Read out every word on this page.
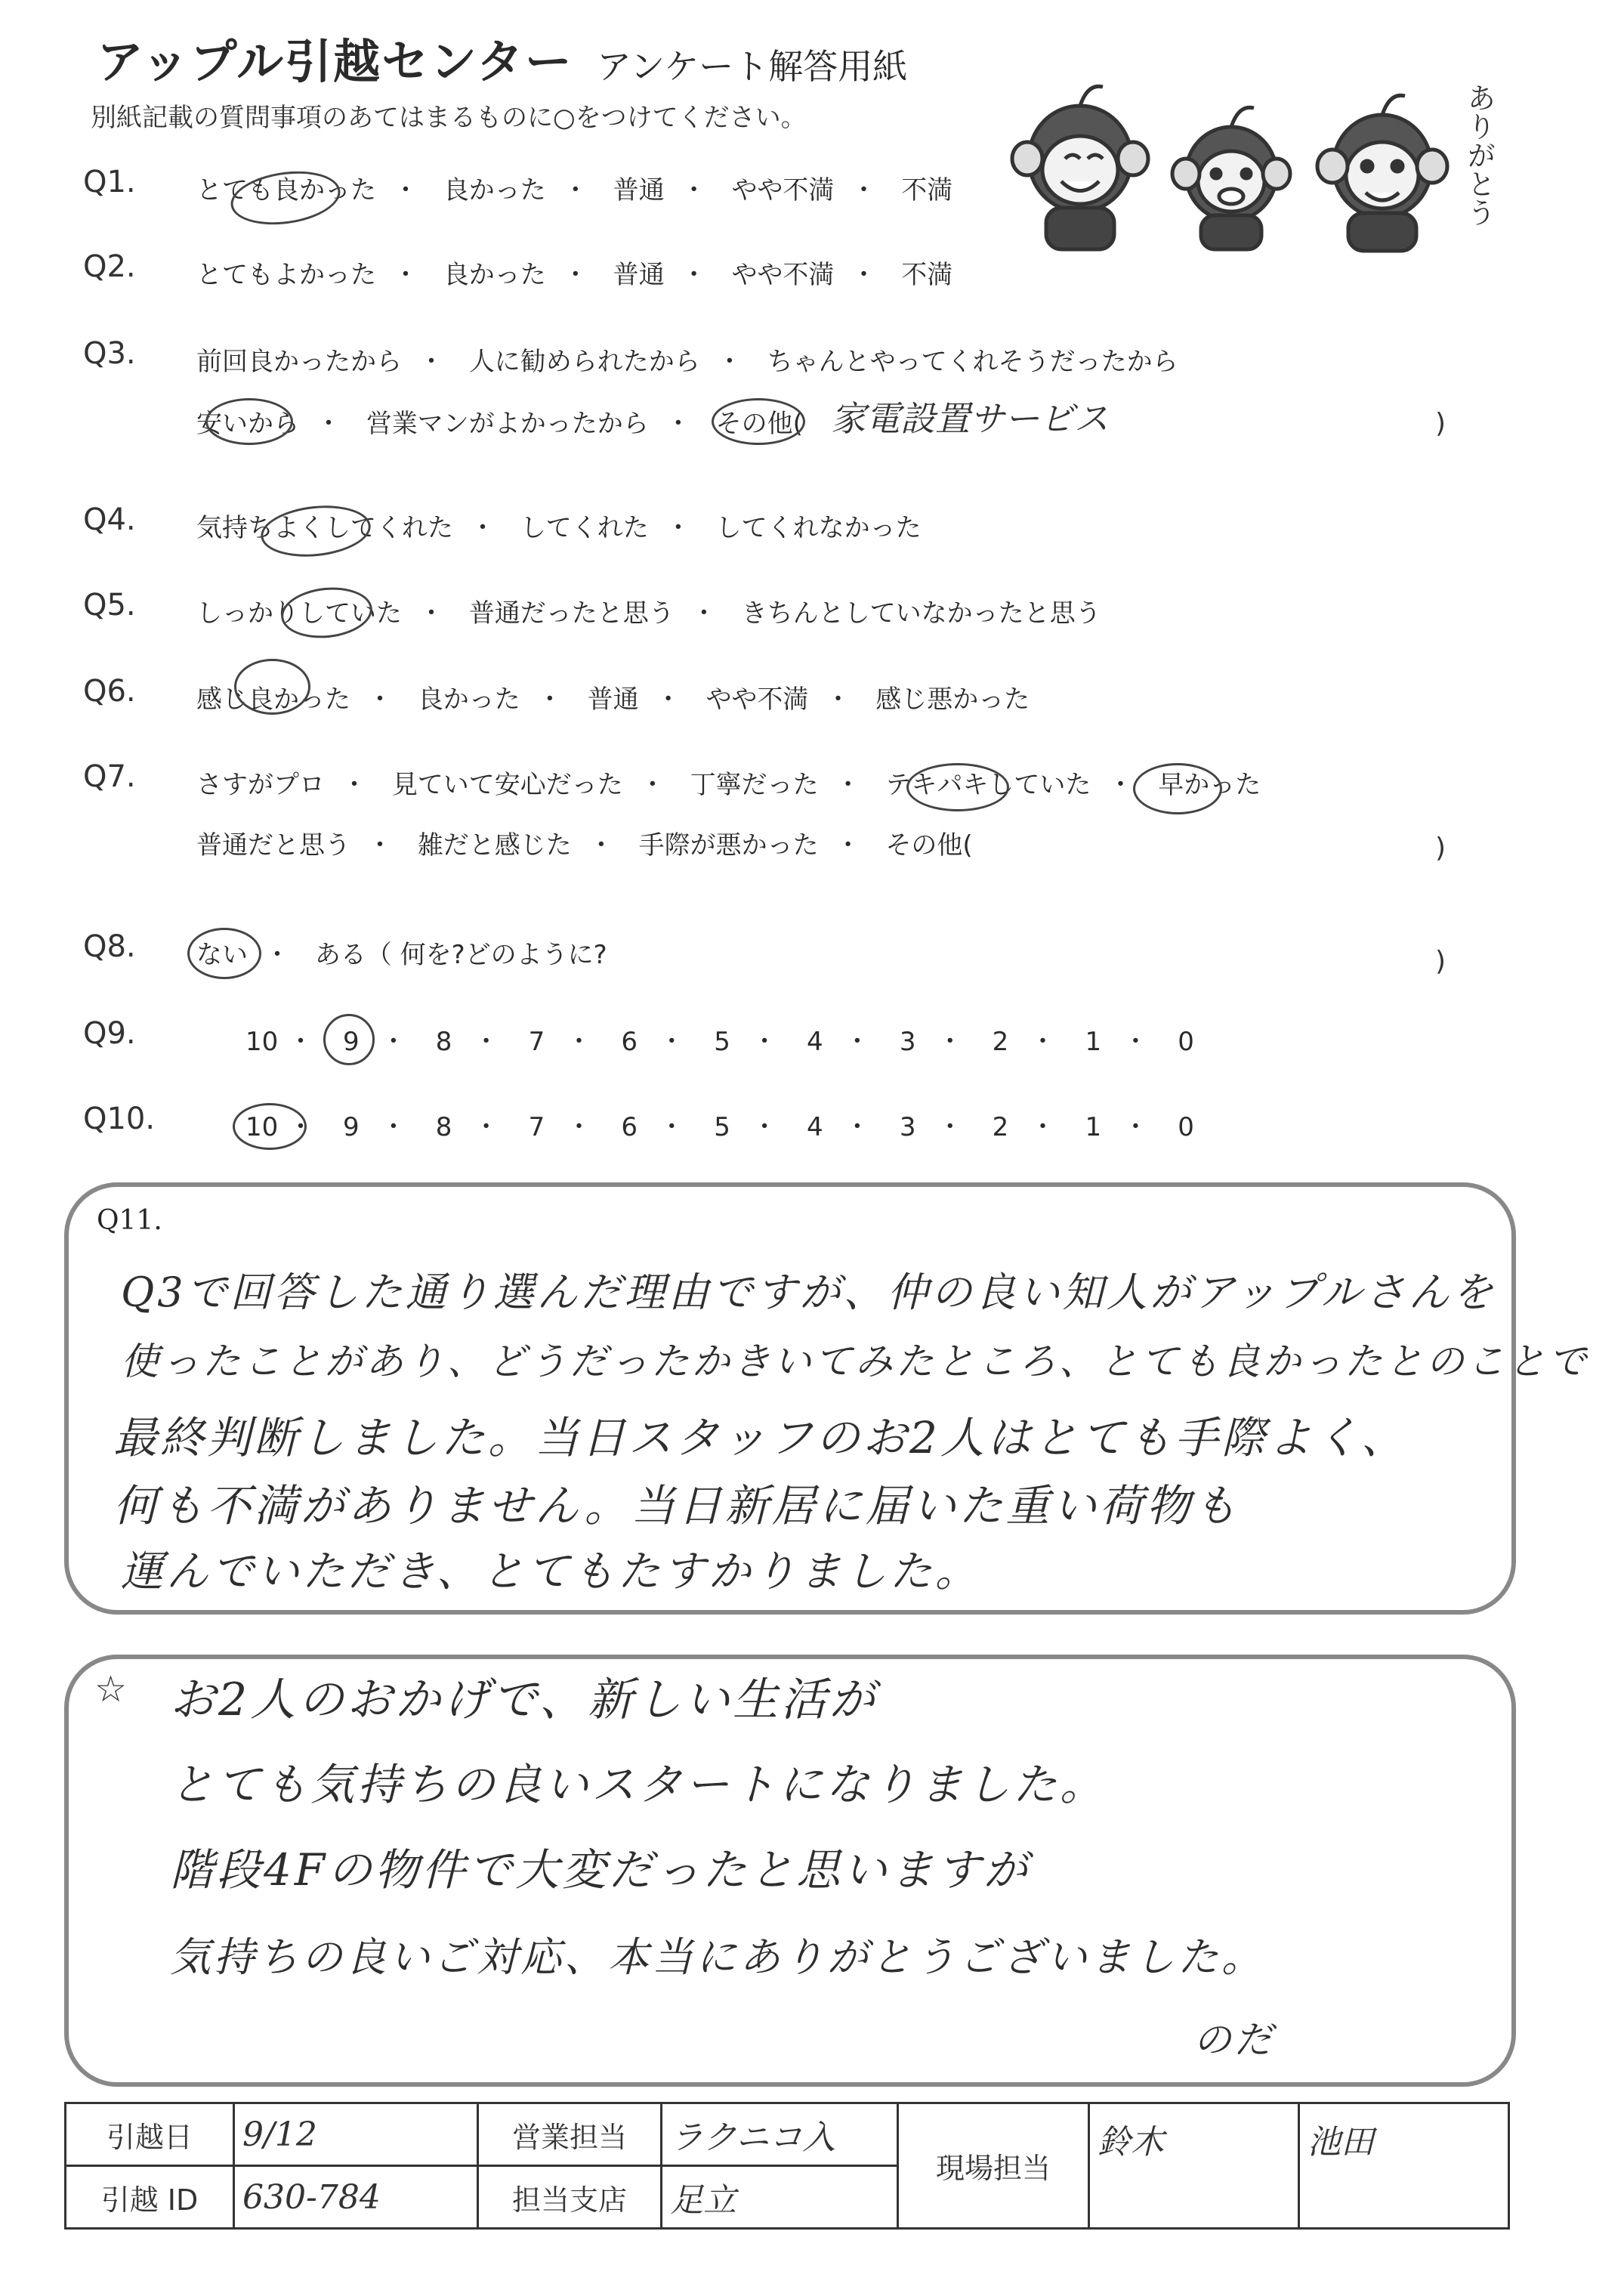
アップル引越センター アンケート解答用紙
別紙記載の質問事項のあてはまるものに○をつけてください。	ありがとう
Q1. とても良かった ・ 良かった ・ 普通 ・ やや不満 ・ 不満
Q2. とてもよかった ・ 良かった ・ 普通 ・ やや不満 ・ 不満
Q3. 前回良かったから ・ 人に勧められたから ・ ちゃんとやってくれそうだったから
安いから ・ 営業マンがよかったから ・ その他( 家電設置サービス	)
Q4. 気持ちよくしてくれた ・ してくれた ・ してくれなかった
Q5. しっかりしていた ・ 普通だったと思う ・ きちんとしていなかったと思う
Q6. 感じ良かった ・ 良かった ・ 普通 ・ やや不満 ・ 感じ悪かった
Q7. さすがプロ ・ 見ていて安心だった ・ 丁寧だった ・ テキパキしていた ・ 早かった
普通だと思う ・ 雑だと感じた ・ 手際が悪かった ・ その他(	)
Q8. ない ・ ある（ 何を?どのように?	)
Q9.	10 ・ 9 ・ 8 ・ 7 ・ 6 ・ 5 ・ 4 ・ 3 ・ 2 ・ 1 ・ 0
Q10.	10 ・ 9 ・ 8 ・ 7 ・ 6 ・ 5 ・ 4 ・ 3 ・ 2 ・ 1 ・ 0
Q11.
Q3で回答した通り選んだ理由ですが、仲の良い知人がアップルさんを
使ったことがあり、どうだったかきいてみたところ、とても良かったとのことで
最終判断しました。当日スタッフのお2人はとても手際よく、
何も不満がありません。当日新居に届いた重い荷物も
運んでいただき、とてもたすかりました。
☆ お2人のおかげで、新しい生活が
とても気持ちの良いスタートになりました。
階段4Fの物件で大変だったと思いますが
気持ちの良いご対応、本当にありがとうございました。
のだ
引越日	9/12	営業担当	ラクニコ入	現場担当	鈴木	池田
引越 ID	630-784	担当支店	足立			
